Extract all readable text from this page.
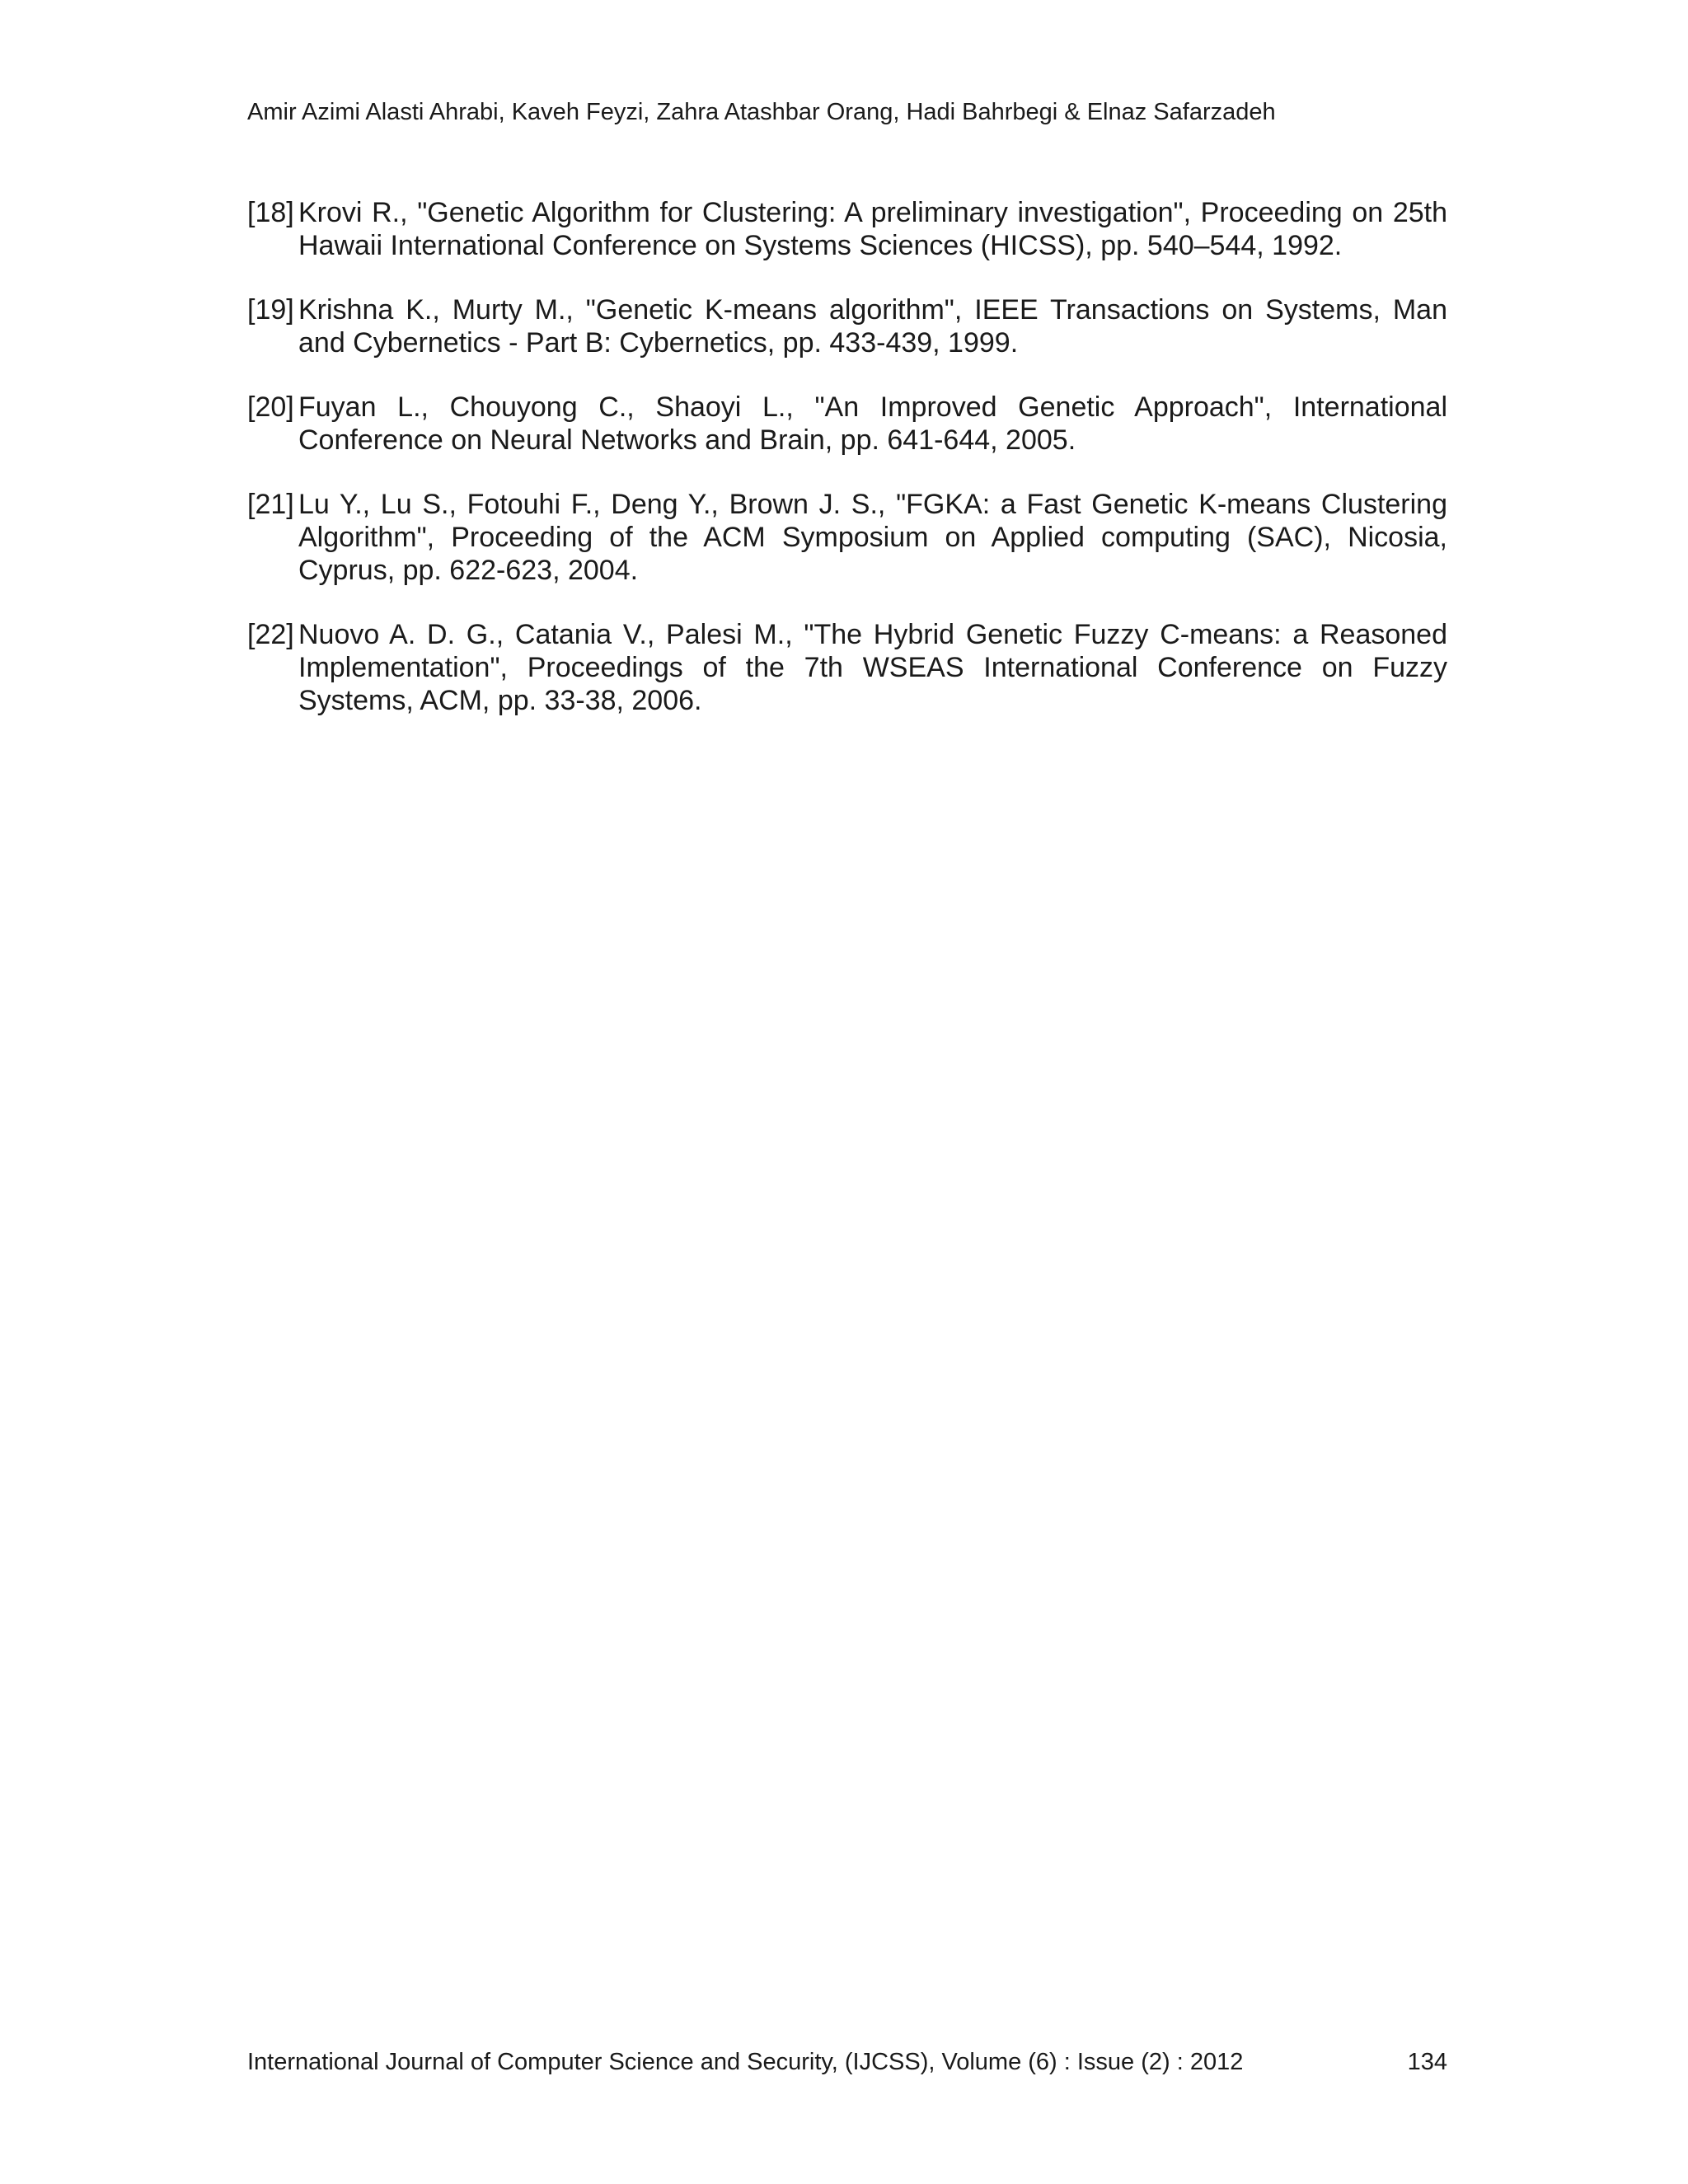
Amir Azimi Alasti Ahrabi, Kaveh Feyzi, Zahra Atashbar Orang, Hadi Bahrbegi & Elnaz Safarzadeh
[18] Krovi R., "Genetic Algorithm for Clustering: A preliminary investigation", Proceeding on 25th Hawaii International Conference on Systems Sciences (HICSS), pp. 540–544, 1992.
[19] Krishna K., Murty M., "Genetic K-means algorithm", IEEE Transactions on Systems, Man and Cybernetics - Part B: Cybernetics, pp. 433-439, 1999.
[20] Fuyan L., Chouyong C., Shaoyi L., "An Improved Genetic Approach", International Conference on Neural Networks and Brain, pp. 641-644, 2005.
[21] Lu Y., Lu S., Fotouhi F., Deng Y., Brown J. S., "FGKA: a Fast Genetic K-means Clustering Algorithm", Proceeding of the ACM Symposium on Applied computing (SAC), Nicosia, Cyprus, pp. 622-623, 2004.
[22] Nuovo A. D. G., Catania V., Palesi M., "The Hybrid Genetic Fuzzy C-means: a Reasoned Implementation", Proceedings of the 7th WSEAS International Conference on Fuzzy Systems, ACM, pp. 33-38, 2006.
International Journal of Computer Science and Security, (IJCSS), Volume (6) : Issue (2) : 2012	134
